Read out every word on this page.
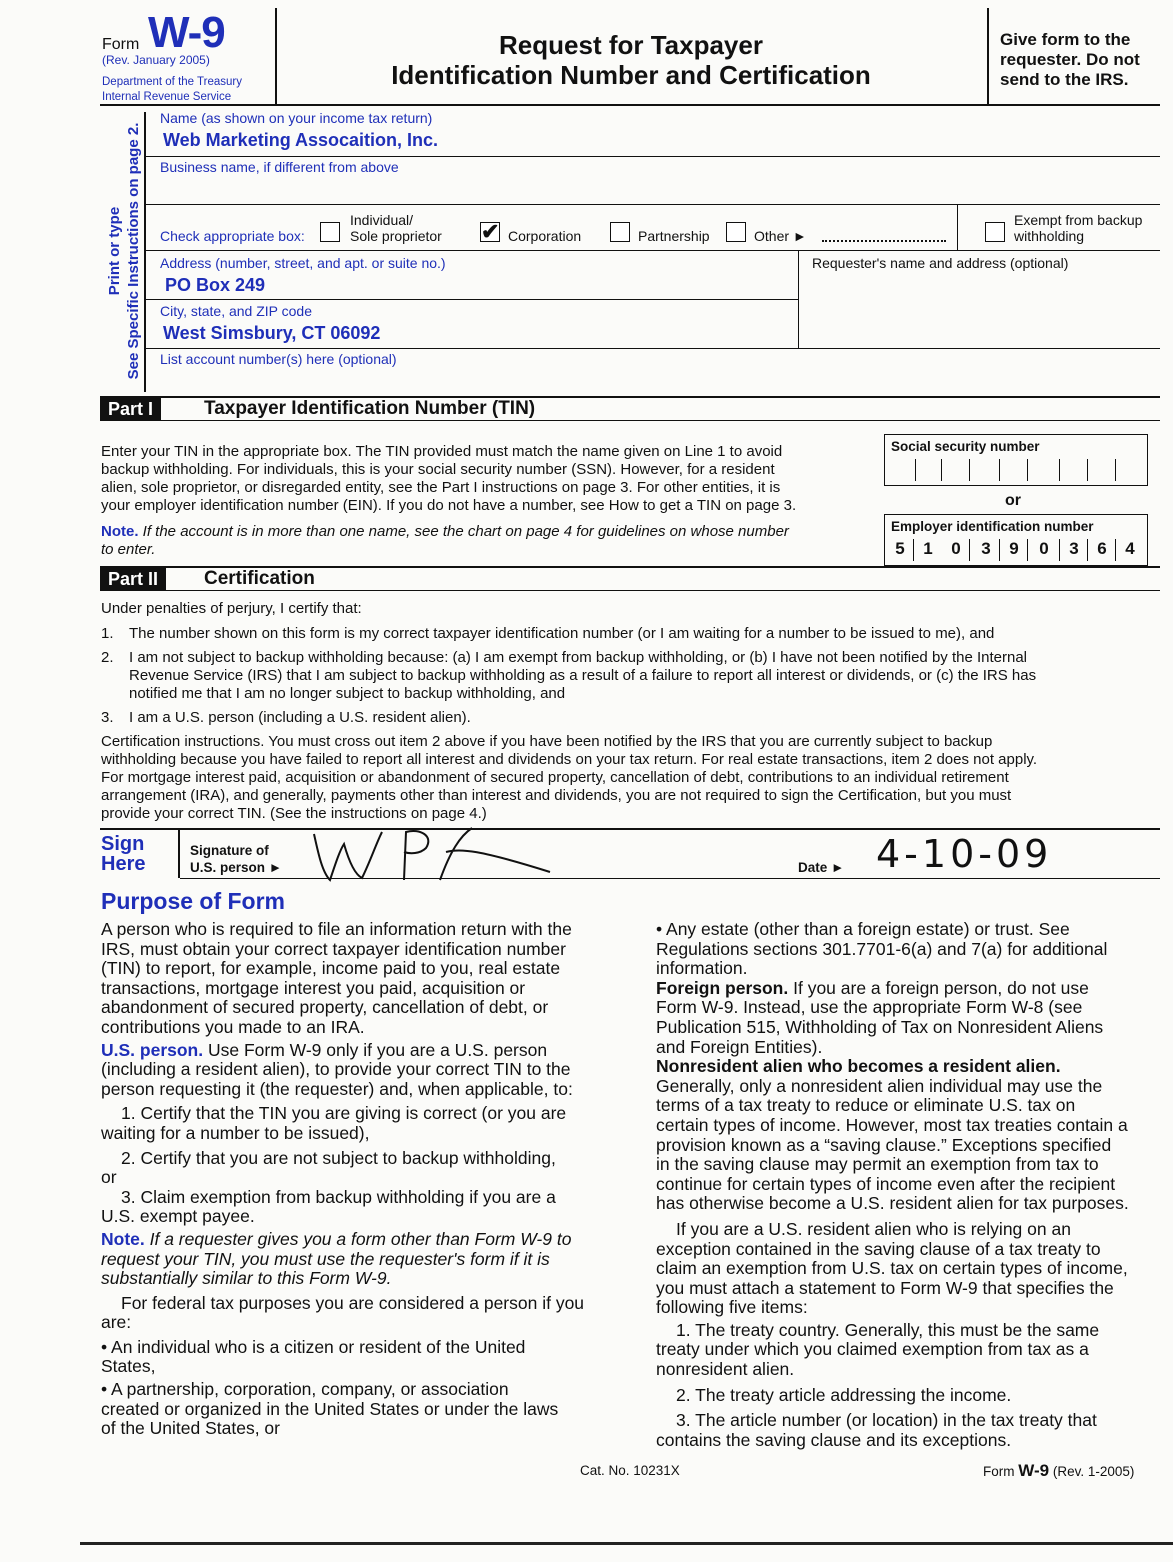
Form W-9
(Rev. January 2005)
Department of the Treasury
Internal Revenue Service
Request for Taxpayer
Identification Number and Certification
Give form to the
requester. Do not
send to the IRS.
Print or type See Specific Instructions on page 2.
Name (as shown on your income tax return)
Web Marketing Assocaition, Inc.
Business name, if different from above
Check appropriate box:
Individual/
Sole proprietor ✔ Corporation	Partnership	Other ►
Exempt from backup
withholding
Address (number, street, and apt. or suite no.)
PO Box 249
Requester's name and address (optional)
City, state, and ZIP code
West Simsbury, CT 06092
List account number(s) here (optional)
Part I	Taxpayer Identification Number (TIN)
Enter your TIN in the appropriate box. The TIN provided must match the name given on Line 1 to avoid
backup withholding. For individuals, this is your social security number (SSN). However, for a resident
alien, sole proprietor, or disregarded entity, see the Part I instructions on page 3. For other entities, it is
your employer identification number (EIN). If you do not have a number, see How to get a TIN on page 3.
Note. If the account is in more than one name, see the chart on page 4 for guidelines on whose number
to enter.
Social security number
or
Employer identification number
5	1	0	3	9	0	3	6	4
Part II	Certification
Under penalties of perjury, I certify that:
1. The number shown on this form is my correct taxpayer identification number (or I am waiting for a number to be issued to me), and
2. I am not subject to backup withholding because: (a) I am exempt from backup withholding, or (b) I have not been notified by the Internal
Revenue Service (IRS) that I am subject to backup withholding as a result of a failure to report all interest or dividends, or (c) the IRS has
notified me that I am no longer subject to backup withholding, and
3. I am a U.S. person (including a U.S. resident alien).
Certification instructions. You must cross out item 2 above if you have been notified by the IRS that you are currently subject to backup
withholding because you have failed to report all interest and dividends on your tax return. For real estate transactions, item 2 does not apply.
For mortgage interest paid, acquisition or abandonment of secured property, cancellation of debt, contributions to an individual retirement
arrangement (IRA), and generally, payments other than interest and dividends, you are not required to sign the Certification, but you must
provide your correct TIN. (See the instructions on page 4.)
Sign
Here
Signature of
U.S. person ►	Date ► 4-10-09
Purpose of Form
A person who is required to file an information return with the
IRS, must obtain your correct taxpayer identification number
(TIN) to report, for example, income paid to you, real estate
transactions, mortgage interest you paid, acquisition or
abandonment of secured property, cancellation of debt, or
contributions you made to an IRA.
U.S. person. Use Form W-9 only if you are a U.S. person
(including a resident alien), to provide your correct TIN to the
person requesting it (the requester) and, when applicable, to:
1. Certify that the TIN you are giving is correct (or you are
waiting for a number to be issued),
2. Certify that you are not subject to backup withholding,
or
3. Claim exemption from backup withholding if you are a
U.S. exempt payee.
Note. If a requester gives you a form other than Form W-9 to
request your TIN, you must use the requester's form if it is
substantially similar to this Form W-9.
For federal tax purposes you are considered a person if you
are:
• An individual who is a citizen or resident of the United
States,
• A partnership, corporation, company, or association
created or organized in the United States or under the laws
of the United States, or
• Any estate (other than a foreign estate) or trust. See
Regulations sections 301.7701-6(a) and 7(a) for additional
information.
Foreign person. If you are a foreign person, do not use
Form W-9. Instead, use the appropriate Form W-8 (see
Publication 515, Withholding of Tax on Nonresident Aliens
and Foreign Entities).
Nonresident alien who becomes a resident alien.
Generally, only a nonresident alien individual may use the
terms of a tax treaty to reduce or eliminate U.S. tax on
certain types of income. However, most tax treaties contain a
provision known as a “saving clause.” Exceptions specified
in the saving clause may permit an exemption from tax to
continue for certain types of income even after the recipient
has otherwise become a U.S. resident alien for tax purposes.
If you are a U.S. resident alien who is relying on an
exception contained in the saving clause of a tax treaty to
claim an exemption from U.S. tax on certain types of income,
you must attach a statement to Form W-9 that specifies the
following five items:
1. The treaty country. Generally, this must be the same
treaty under which you claimed exemption from tax as a
nonresident alien.
2. The treaty article addressing the income.
3. The article number (or location) in the tax treaty that
contains the saving clause and its exceptions.
Cat. No. 10231X	Form W-9 (Rev. 1-2005)
